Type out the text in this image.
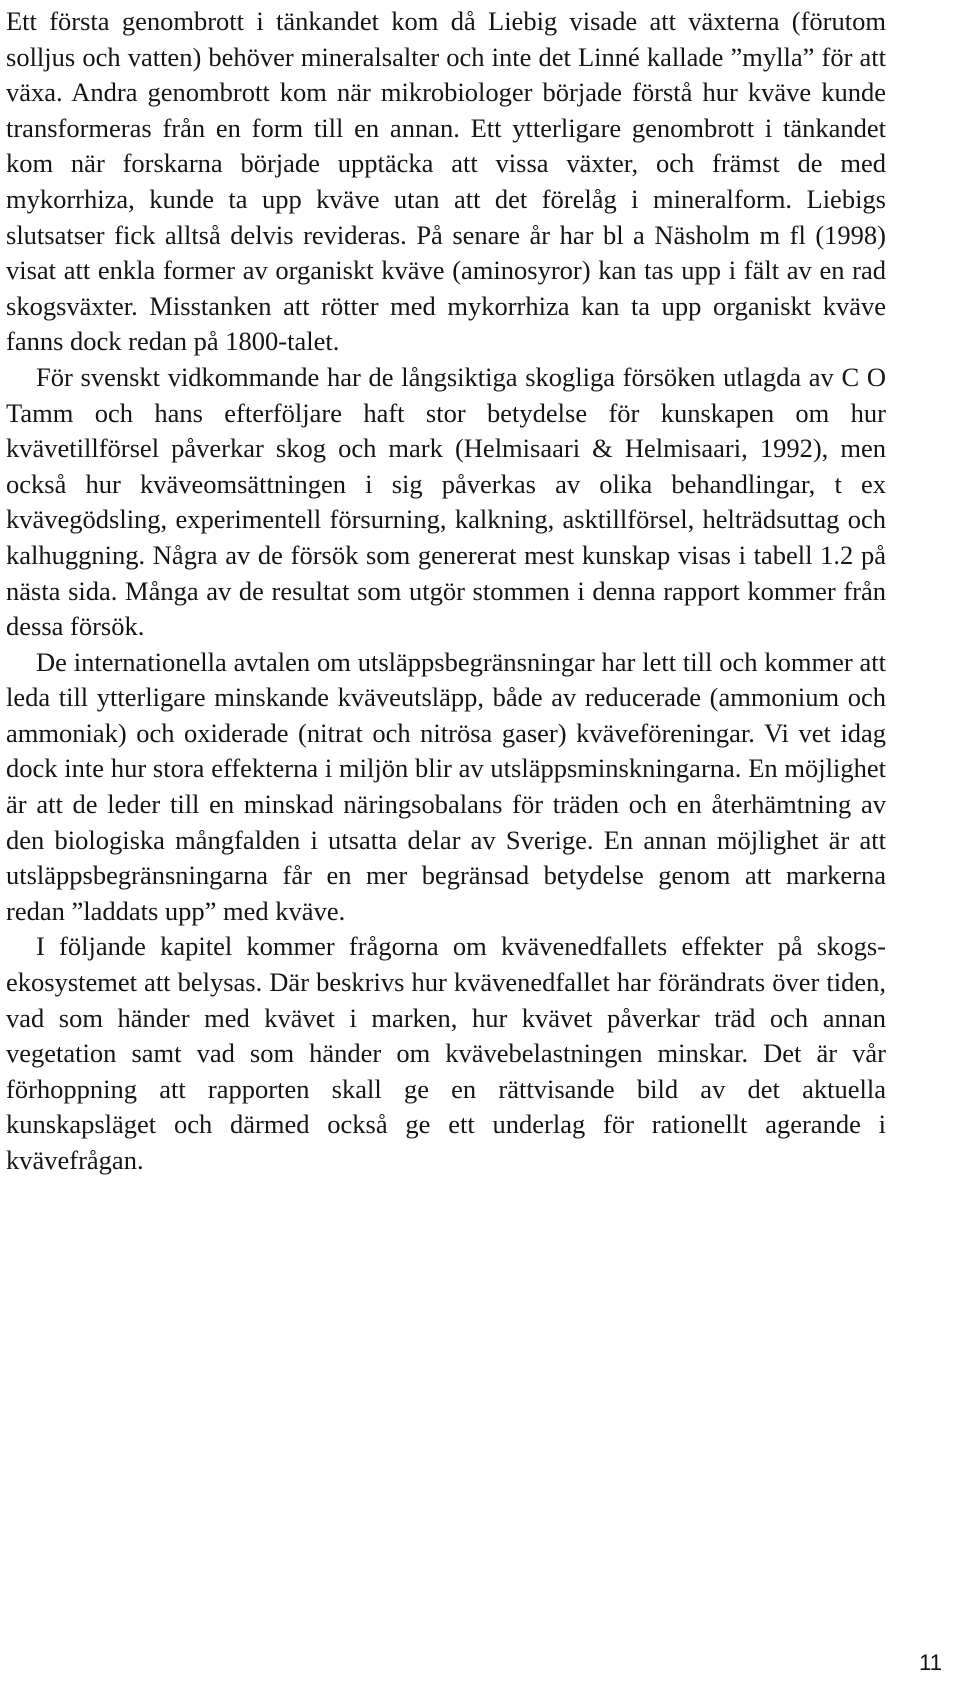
Ett första genombrott i tänkandet kom då Liebig visade att växterna (förutom solljus och vatten) behöver mineralsalter och inte det Linné kallade ”mylla” för att växa. Andra genombrott kom när mikrobiologer började förstå hur kväve kunde transformeras från en form till en annan. Ett ytterligare genombrott i tänkandet kom när forskarna började upptäcka att vissa växter, och främst de med mykorrhiza, kunde ta upp kväve utan att det förelåg i mineralform. Liebigs slutsatser fick alltså delvis revideras. På senare år har bl a Näsholm m fl (1998) visat att enkla former av organiskt kväve (aminosyror) kan tas upp i fält av en rad skogsväxter. Misstanken att rötter med mykorrhiza kan ta upp organiskt kväve fanns dock redan på 1800-talet.

För svenskt vidkommande har de långsiktiga skogliga försöken utlagda av C O Tamm och hans efterföljare haft stor betydelse för kunskapen om hur kvävetillförsel påverkar skog och mark (Helmisaari & Helmisaari, 1992), men också hur kväveomsättningen i sig påverkas av olika behandlingar, t ex kvävegödsling, experimentell försurning, kalkning, asktillförsel, helträdsuttag och kalhuggning. Några av de försök som genererat mest kunskap visas i tabell 1.2 på nästa sida. Många av de resultat som utgör stommen i denna rapport kommer från dessa försök.

De internationella avtalen om utsläppsbegränsningar har lett till och kommer att leda till ytterligare minskande kväveutsläpp, både av reducerade (ammonium och ammoniak) och oxiderade (nitrat och nitrösa gaser) kväveföreningar. Vi vet idag dock inte hur stora effekterna i miljön blir av utsläppsminskningarna. En möjlighet är att de leder till en minskad näringsobalans för träden och en återhämtning av den biologiska mångfalden i utsatta delar av Sverige. En annan möjlighet är att utsläppsbegränsningarna får en mer begränsad betydelse genom att markerna redan ”laddats upp” med kväve.

I följande kapitel kommer frågorna om kvävenedfallets effekter på skogsekosystemet att belysas. Där beskrivs hur kvävenedfallet har förändrats över tiden, vad som händer med kvävet i marken, hur kvävet påverkar träd och annan vegetation samt vad som händer om kvävebelastningen minskar. Det är vår förhoppning att rapporten skall ge en rättvisande bild av det aktuella kunskapsläget och därmed också ge ett underlag för rationellt agerande i kvävefrågan.

11
